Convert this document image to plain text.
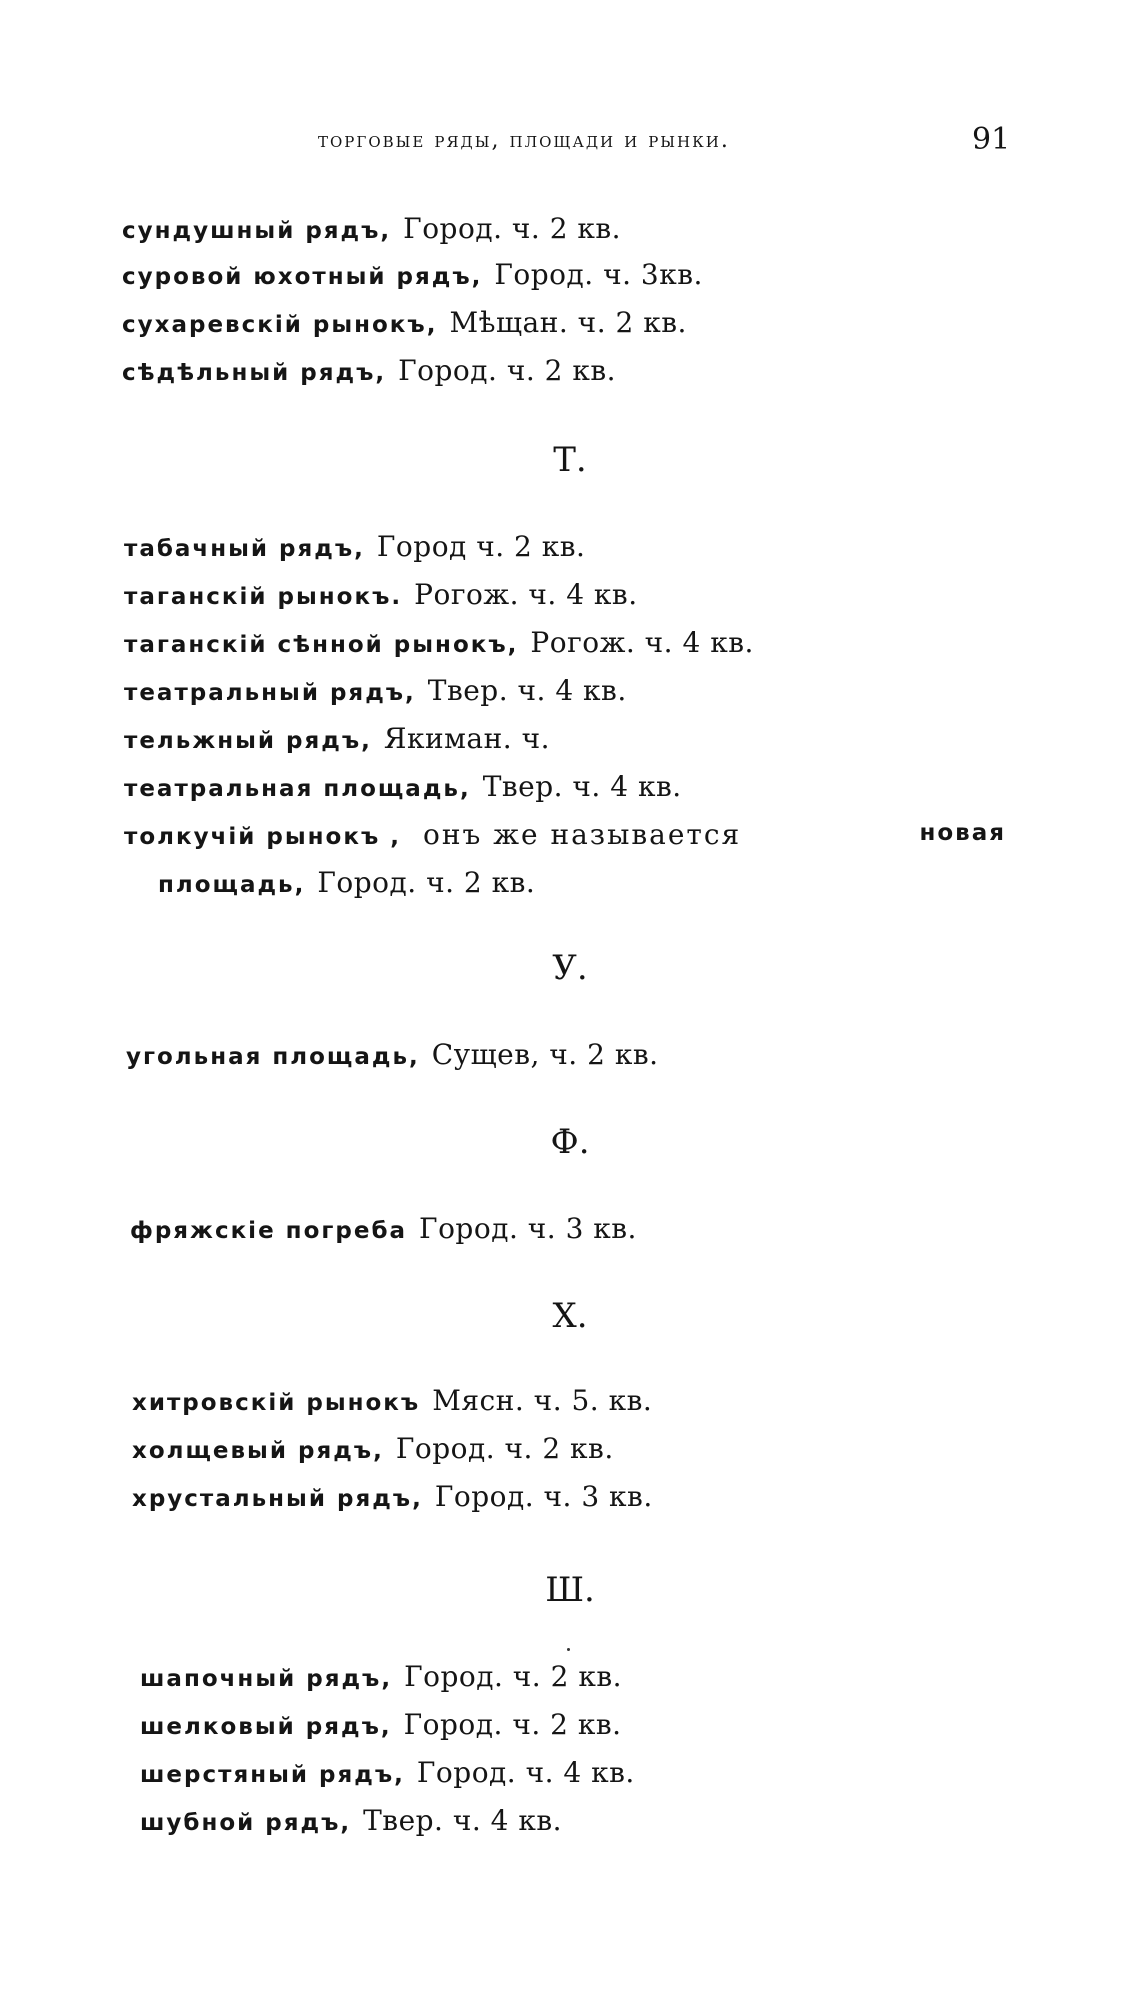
торговые ряды, площади и рынки.	91
сундушный рядъ, Город. ч. 2 кв.
суровой юхотный рядъ, Город. ч. 3кв.
сухаревскій рынокъ, Мѣщан. ч. 2 кв.
сѣдѣльный рядъ, Город. ч. 2 кв.
Т.
табачный рядъ, Город ч. 2 кв.
таганскій рынокъ. Рогож. ч. 4 кв.
таганскій сѣнной рынокъ, Рогож. ч. 4 кв.
театральный рядъ, Твер. ч. 4 кв.
тельжный рядъ, Якиман. ч.
театральная площадь, Твер. ч. 4 кв.
толкучій рынокъ , онъ же называется	новая
площадь, Город. ч. 2 кв.
У.
угольная площадь, Сущев, ч. 2 кв.
Ф.
фряжскіе погреба Город. ч. 3 кв.
Х.
хитровскій рынокъ Мясн. ч. 5. кв.
холщевый рядъ, Город. ч. 2 кв.
хрустальный рядъ, Город. ч. 3 кв.
Ш.
шапочный рядъ, Город. ч. 2 кв.
шелковый рядъ, Город. ч. 2 кв.
шерстяный рядъ, Город. ч. 4 кв.
шубной рядъ, Твер. ч. 4 кв.
